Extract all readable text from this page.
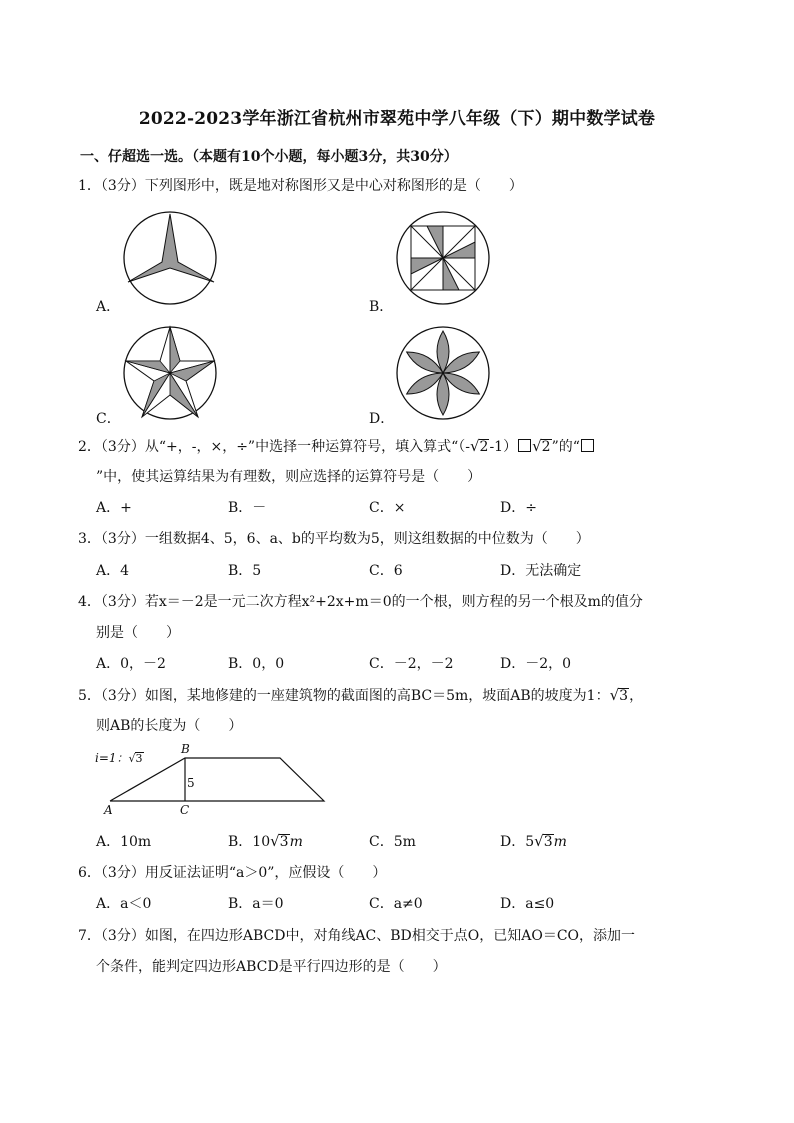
2022-2023学年浙江省杭州市翠苑中学八年级（下）期中数学试卷
一、仔超选一选。（本题有10个小题，每小题3分，共30分）
1．（3分）下列图形中，既是地对称图形又是中心对称图形的是（　　）
A．	B．
C．	D．
2．（3分）从“+，-，×，÷”中选择一种运算符号，填入算式“（-√2-1） √2”的“
”中，使其运算结果为有理数，则应选择的运算符号是（　　）
A．+	B．－	C．×	D．÷
3．（3分）一组数据4、5，6、a、b的平均数为5，则这组数据的中位数为（　　）
A．4	B．5	C．6	D．无法确定
4．（3分）若x＝－2是一元二次方程x²+2x+m＝0的一个根，则方程的另一个根及m的值分
别是（　　）
A．0，－2	B．0，0	C．－2，－2	D．－2，0
5．（3分）如图，某地修建的一座建筑物的截面图的高BC＝5m，坡面AB的坡度为1：√3，
则AB的长度为（　　）
i=1：√3
B
5
A	C
A．10m	B．10√3m	C．5m	D．5√3m
6．（3分）用反证法证明“a＞0”，应假设（　　）
A．a＜0	B．a＝0	C．a≠0	D．a≤0
7．（3分）如图，在四边形ABCD中，对角线AC、BD相交于点O，已知AO＝CO，添加一
个条件，能判定四边形ABCD是平行四边形的是（　　）
